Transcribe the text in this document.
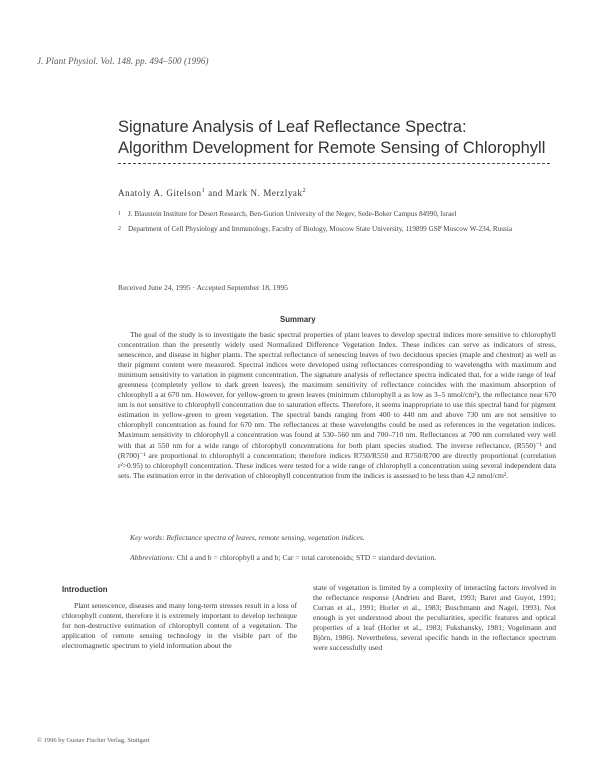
J. Plant Physiol. Vol. 148. pp. 494–500 (1996)
Signature Analysis of Leaf Reflectance Spectra:
Algorithm Development for Remote Sensing of Chlorophyll
Anatoly A. Gitelson$^1$ and Mark N. Merzlyak$^2$
1 J. Blaustein Institute for Desert Research, Ben-Gurion University of the Negev, Sede-Boker Campus 84990, Israel
2 Department of Cell Physiology and Immunology, Faculty of Biology, Moscow State University, 119899 GSP Moscow W-234, Russia
Received June 24, 1995 · Accepted September 18, 1995
Summary
The goal of the study is to investigate the basic spectral properties of plant leaves to develop spectral indices more sensitive to chlorophyll concentration than the presently widely used Normalized Difference Vegetation Index. These indices can serve as indicators of stress, senescence, and disease in higher plants. The spectral reflectance of senescing leaves of two deciduous species (maple and chestnut) as well as their pigment content were measured. Spectral indices were developed using reflectances corresponding to wavelengths with maximum and minimum sensitivity to variation in pigment concentration. The signature analysis of reflectance spectra indicated that, for a wide range of leaf greenness (completely yellow to dark green leaves), the maximum sensitivity of reflectance coincides with the maximum absorption of chlorophyll a at 670 nm. However, for yellow-green to green leaves (minimum chlorophyll a as low as 3–5 nmol/cm²), the reflectance near 670 nm is not sensitive to chlorophyll concentration due to saturation effects. Therefore, it seems inappropriate to use this spectral band for pigment estimation in yellow-green to green vegetation. The spectral bands ranging from 400 to 440 nm and above 730 nm are not sensitive to chlorophyll concentration as found for 670 nm. The reflectances at these wavelengths could be used as references in the vegetation indices. Maximum sensitivity to chlorophyll a concentration was found at 530–560 nm and 700–710 nm. Reflectances at 700 nm correlated very well with that at 550 nm for a wide range of chlorophyll concentrations for both plant species studied. The inverse reflectance, (R550)⁻¹ and (R700)⁻¹ are proportional to chlorophyll a concentration; therefore indices R750/R550 and R750/R700 are directly proportional (correlation r²>0.95) to chlorophyll concentration. These indices were tested for a wide range of chlorophyll a concentration using several independent data sets. The estimation error in the derivation of chlorophyll concentration from the indices is assessed to be less than 4.2 nmol/cm².
Key words: Reflectance spectra of leaves, remote sensing, vegetation indices.
Abbreviations: Chl a and b = chlorophyll a and b; Car = total carotenoids; STD = standard deviation.
Introduction
Plant senescence, diseases and many long-term stresses result in a loss of chlorophyll content, therefore it is extremely important to develop technique for non-destructive estimation of chlorophyll content of a vegetation. The application of remote sensing technology in the visible part of the electromagnetic spectrum to yield information about the
state of vegetation is limited by a complexity of interacting factors involved in the reflectance response (Andrieu and Baret, 1993; Baret and Guyot, 1991; Curran et al., 1991; Horler et al., 1983; Buschmann and Nagel, 1993). Not enough is yet understood about the peculiarities, specific features and optical properties of a leaf (Horler et al., 1983; Fukshansky, 1981; Vogelmann and Björn, 1986). Nevertheless, several specific bands in the reflectance spectrum were successfully used
© 1996 by Gustav Fischer Verlag, Stuttgart
